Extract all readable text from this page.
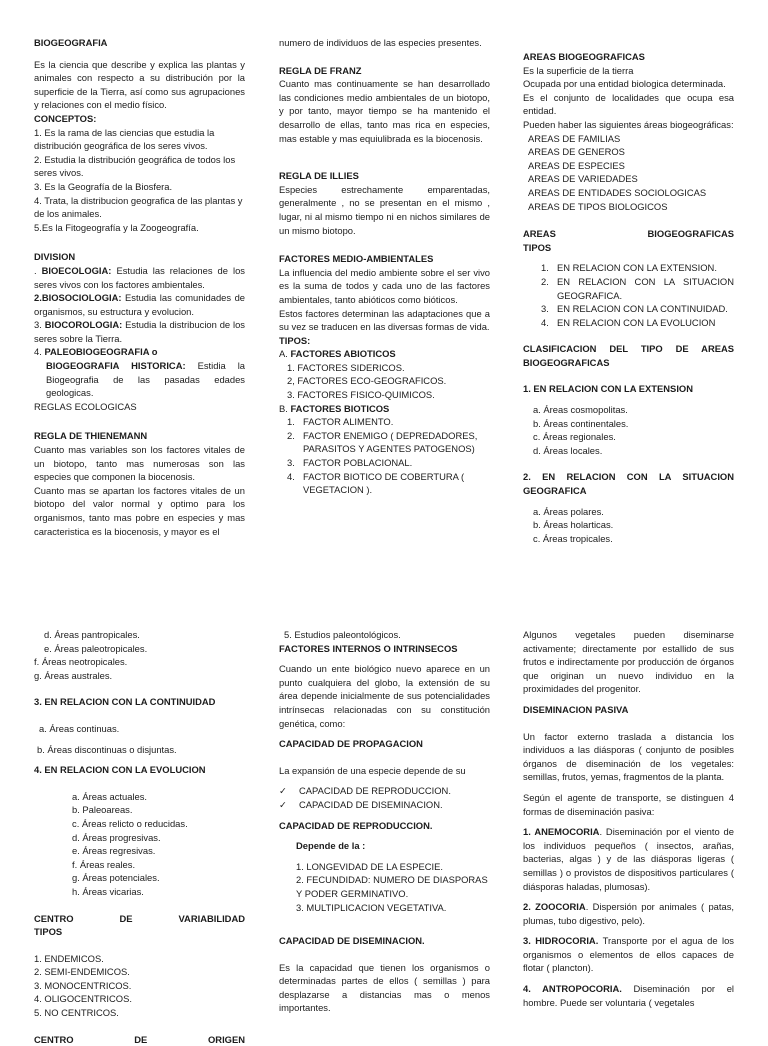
BIOGEOGRAFIA

Es la ciencia que describe y explica las plantas y animales con respecto a su distribución por la superficie de la Tierra, así como sus agrupaciones y relaciones con el medio físico.

CONCEPTOS:

1. Es la rama de las ciencias que estudia la distribución geográfica de los seres vivos.
2. Estudia la distribución geográfica de todos los seres vivos.
3. Es la Geografía de la Biosfera.
4. Trata, la distribucion geografica de las plantas y de los animales.
5.Es la Fitogeografía y la Zoogeografía.

DIVISION

. BIOECOLOGIA: Estudia las relaciones de los seres vivos con los factores ambientales.
2.BIOSOCIOLOGIA: Estudia las comunidades de organismos, su estructura y evolucion.
3. BIOCOROLOGIA: Estudia la distribucion de los seres sobre la Tierra.
4. PALEOBIOGEOGRAFIA o
BIOGEOGRAFIA HISTORICA: Estidia la Biogeografia de las pasadas edades geologicas.
REGLAS ECOLOGICAS

REGLA DE THIENEMANN

Cuanto mas variables son los factores vitales de un biotopo, tanto mas numerosas son las especies que componen la biocenosis.
Cuanto mas se apartan los factores vitales de un biotopo del valor normal y optimo para los organismos, tanto mas pobre en especies y mas caracteristica es la biocenosis, y mayor es el

numero de individuos de las especies presentes.

REGLA DE FRANZ

Cuanto mas continuamente se han desarrollado las condiciones medio ambientales de un biotopo, y por tanto, mayor tiempo se ha mantenido el desarrollo de ellas, tanto mas rica en especies, mas estable y mas equiulibrada es la biocenosis.

REGLA DE ILLIES

Especies estrechamente emparentadas, generalmente , no se presentan en el mismo , lugar, ni al mismo tiempo ni en nichos similares de un mismo biotopo.

FACTORES MEDIO-AMBIENTALES

La influencia del medio ambiente sobre el ser vivo es la suma de todos y cada uno de las factores ambientales, tanto abióticos como bióticos.
Estos factores determinan las adaptaciones que a su vez se traducen en las diversas formas de vida.

TIPOS:

A. FACTORES ABIOTICOS
1. FACTORES SIDERICOS.
2, FACTORES ECO-GEOGRAFICOS.
3. FACTORES FISICO-QUIMICOS.
B. FACTORES BIOTICOS
1. FACTOR ALIMENTO.
2. FACTOR ENEMIGO ( DEPREDADORES, PARASITOS Y AGENTES PATOGENOS)
3. FACTOR POBLACIONAL.
4. FACTOR BIOTICO DE COBERTURA ( VEGETACION ).

AREAS BIOGEOGRAFICAS

Es la superficie de la tierra
Ocupada por una entidad biologica determinada.
Es el conjunto de localidades que ocupa esa entidad.
Pueden haber las siguientes áreas biogeográficas:
AREAS DE FAMILIAS
AREAS DE GENEROS
AREAS DE ESPECIES
AREAS DE VARIEDADES
AREAS DE ENTIDADES SOCIOLOGICAS
AREAS DE TIPOS BIOLOGICOS
AREAS	BIOGEOGRAFICAS

TIPOS

1. EN RELACION CON LA EXTENSION.
2. EN RELACION CON LA SITUACION GEOGRAFICA.
3. EN RELACION CON LA CONTINUIDAD.
4. EN RELACION CON LA EVOLUCION

CLASIFICACION DEL TIPO DE AREAS BIOGEOGRAFICAS

1. EN RELACION CON LA EXTENSION

a. Áreas cosmopolitas.
b. Áreas continentales.
c. Áreas regionales.
d. Áreas locales.

2. EN RELACION CON LA SITUACION GEOGRAFICA

a. Áreas polares.
b. Áreas holarticas.
c. Áreas tropicales.
d. Áreas pantropicales.
e. Áreas paleotropicales.
f. Áreas neotropicales.
g. Áreas australes.

3. EN RELACION CON LA CONTINUIDAD

a. Áreas continuas.
b. Áreas discontinuas o disjuntas.

4. EN RELACION CON LA EVOLUCION

a. Áreas actuales.
b. Paleoareas.
c. Áreas relicto o reducidas.
d. Áreas progresivas.
e. Áreas regresivas.
f. Áreas reales.
g. Áreas potenciales.
h. Áreas vicarias.
CENTRO	DE	VARIABILIDAD

TIPOS

1. ENDEMICOS.
2. SEMI-ENDEMICOS.
3. MONOCENTRICOS.
4. OLIGOCENTRICOS.
5. NO CENTRICOS.
CENTRO	DE	ORIGEN
5. Estudios paleontológicos.

FACTORES INTERNOS O INTRINSECOS

Cuando un ente biológico nuevo aparece en un punto cualquiera del globo, la extensión de su área depende inicialmente de sus potencialidades intrínsecas relacionadas con su constitución genética, como:

CAPACIDAD DE PROPAGACION

La expansión de una especie depende de su
✓	CAPACIDAD DE REPRODUCCION.
✓	CAPACIDAD DE DISEMINACION.

CAPACIDAD DE REPRODUCCION.

Depende de la :
1. LONGEVIDAD DE LA ESPECIE.
2. FECUNDIDAD: NUMERO DE DIASPORAS Y PODER GERMINATIVO.
3. MULTIPLICACION VEGETATIVA.

CAPACIDAD DE DISEMINACION.

Es la capacidad que tienen los organismos o determinadas partes de ellos ( semillas ) para desplazarse a distancias mas o menos importantes.

Algunos vegetales pueden diseminarse activamente; directamente por estallido de sus frutos e indirectamente por producción de órganos que originan un nuevo individuo en la proximidades del progenitor.

DISEMINACION PASIVA

Un factor externo traslada a distancia los individuos a las diásporas ( conjunto de posibles órganos de diseminación de los vegetales: semillas, frutos, yemas, fragmentos de la planta.

Según el agente de transporte, se distinguen 4 formas de diseminación pasiva:

1. ANEMOCORIA. Diseminación por el viento de los individuos pequeños ( insectos, arañas, bacterias, algas ) y de las diásporas ligeras ( semillas ) o provistos de dispositivos particulares ( diásporas haladas, plumosas).
2. ZOOCORIA. Dispersión por animales ( patas, plumas, tubo digestivo, pelo).
3. HIDROCORIA. Transporte por el agua de los organismos o elementos de ellos capaces de flotar ( plancton).
4. ANTROPOCORIA. Diseminación por el hombre. Puede ser voluntaria ( vegetales
